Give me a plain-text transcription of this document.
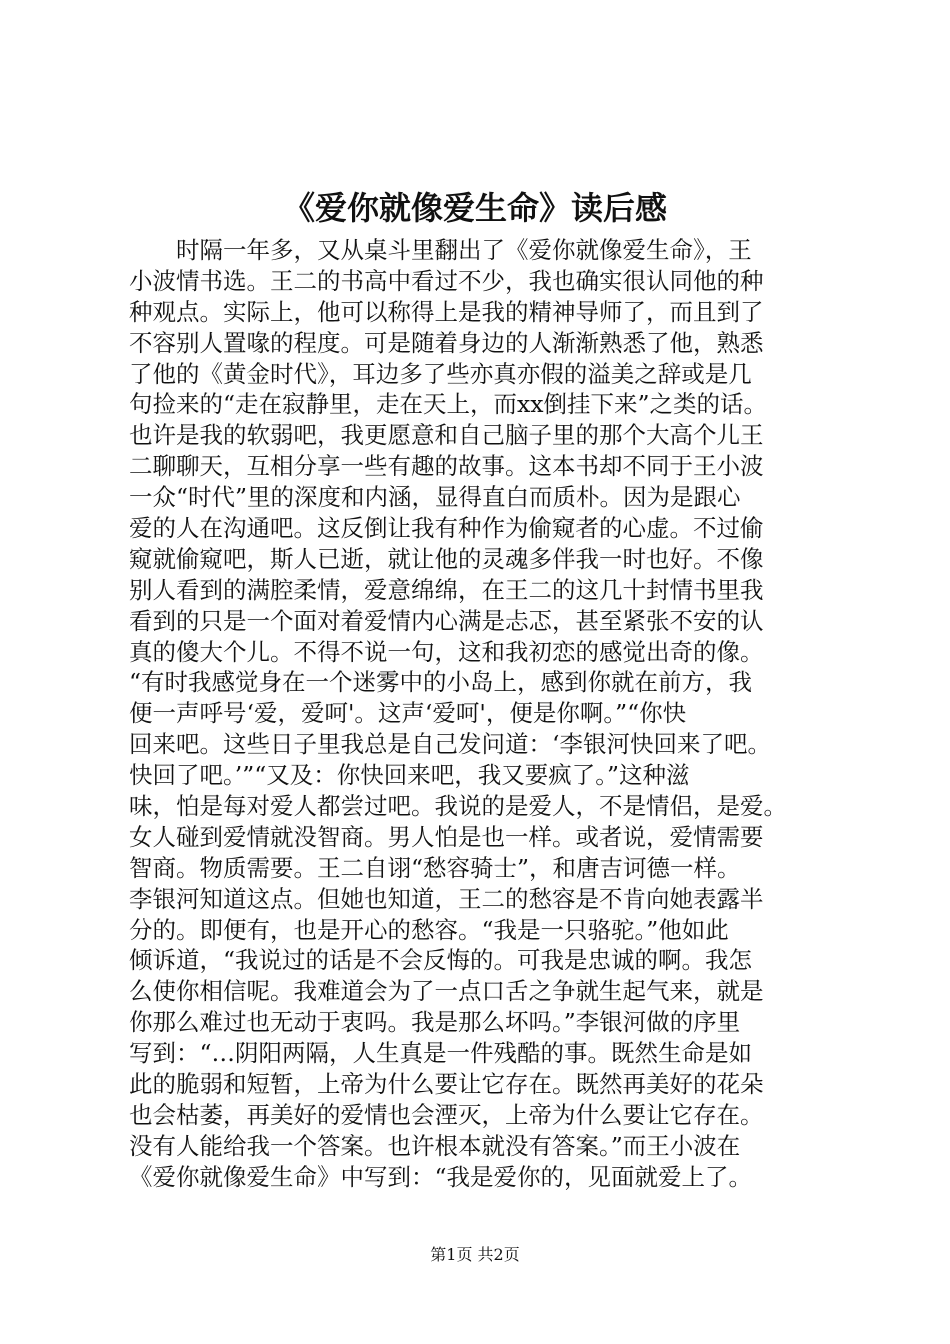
《爱你就像爱生命》读后感
　　时隔一年多，又从桌斗里翻出了《爱你就像爱生命》，王
小波情书选。王二的书高中看过不少，我也确实很认同他的种
种观点。实际上，他可以称得上是我的精神导师了，而且到了
不容别人置喙的程度。可是随着身边的人渐渐熟悉了他，熟悉
了他的《黄金时代》，耳边多了些亦真亦假的溢美之辞或是几
句捡来的“走在寂静里，走在天上，而xx倒挂下来”之类的话。
也许是我的软弱吧，我更愿意和自己脑子里的那个大高个儿王
二聊聊天，互相分享一些有趣的故事。这本书却不同于王小波
一众“时代”里的深度和内涵，显得直白而质朴。因为是跟心
爱的人在沟通吧。这反倒让我有种作为偷窥者的心虚。不过偷
窥就偷窥吧，斯人已逝，就让他的灵魂多伴我一时也好。不像
别人看到的满腔柔情，爱意绵绵，在王二的这几十封情书里我
看到的只是一个面对着爱情内心满是忐忑，甚至紧张不安的认
真的傻大个儿。不得不说一句，这和我初恋的感觉出奇的像。
“有时我感觉身在一个迷雾中的小岛上，感到你就在前方，我
便一声呼号‘爱，爱呵'。这声‘爱呵'，便是你啊。”“你快
回来吧。这些日子里我总是自己发问道：‘李银河快回来了吧。
快回了吧。’”“又及：你快回来吧，我又要疯了。”这种滋
味，怕是每对爱人都尝过吧。我说的是爱人，不是情侣，是爱。
女人碰到爱情就没智商。男人怕是也一样。或者说，爱情需要
智商。物质需要。王二自诩“愁容骑士”，和唐吉诃德一样。
李银河知道这点。但她也知道，王二的愁容是不肯向她表露半
分的。即便有，也是开心的愁容。“我是一只骆驼。”他如此
倾诉道，“我说过的话是不会反悔的。可我是忠诚的啊。我怎
么使你相信呢。我难道会为了一点口舌之争就生起气来，就是
你那么难过也无动于衷吗。我是那么坏吗。”李银河做的序里
写到：“…阴阳两隔，人生真是一件残酷的事。既然生命是如
此的脆弱和短暂，上帝为什么要让它存在。既然再美好的花朵
也会枯萎，再美好的爱情也会湮灭，上帝为什么要让它存在。
没有人能给我一个答案。也许根本就没有答案。”而王小波在
《爱你就像爱生命》中写到：“我是爱你的，见面就爱上了。
第1页 共2页
